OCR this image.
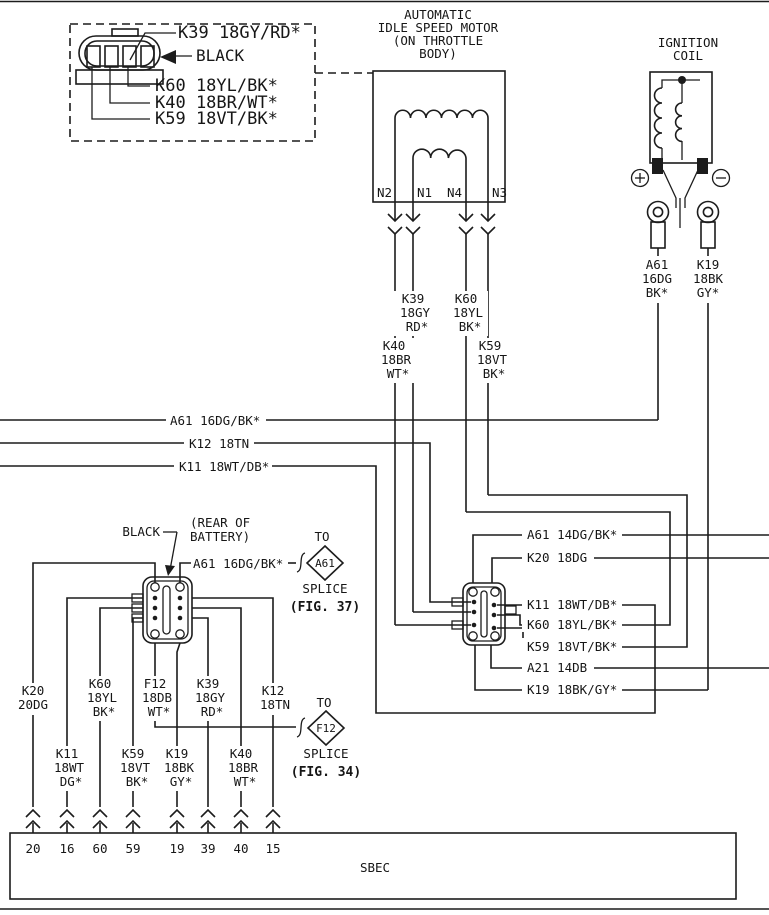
K39 18GY/RD*
BLACK
K60 18YL/BK*
K40 18BR/WT*
K59 18VT/BK*
AUTOMATIC
IDLE SPEED MOTOR
(ON THROTTLE
BODY)
N2 N1 N4 N3
IGNITION
COIL
A61
16DG
BK*
K19
18BK
GY*
A61 14DG/BK*
K20 18DG
K11 18WT/DB*
K60 18YL/BK*
K59 18VT/BK*
A21 14DB
K19 18BK/GY*
A61 16DG/BK*
K12 18TN
K11 18WT/DB*
K39
18GY
RD*
K60
18YL
BK*
K40
18BR
WT*
K59
18VT
BK*
BLACK
(REAR OF
BATTERY)
A61 16DG/BK*
TO
A61
SPLICE
(FIG. 37)
TO
F12
SPLICE
(FIG. 34)
K20
20DG
K60
18YL
BK*
F12
18DB
WT*
K39
18GY
RD*
K12
18TN
K11
18WT
DG*
K59
18VT
BK*
K19
18BK
GY*
K40
18BR
WT*
20 16 60 59 19 39 40 15
SBEC
